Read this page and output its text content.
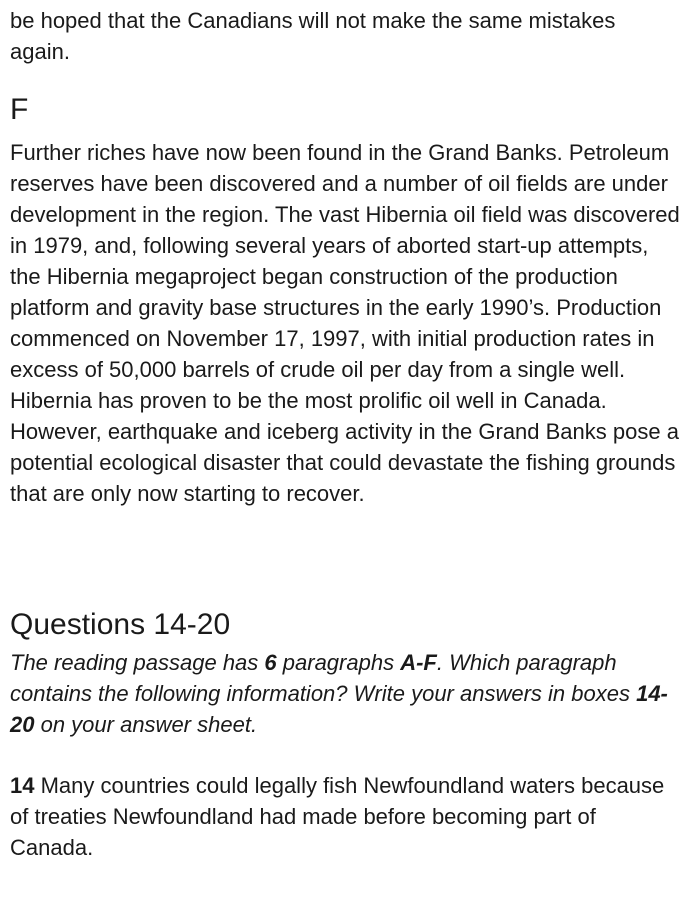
be hoped that the Canadians will not make the same mistakes
again.

F

Further riches have now been found in the Grand Banks. Petroleum reserves have been discovered and a number of oil fields are under development in the region. The vast Hibernia oil field was discovered in 1979, and, following several years of aborted start-up attempts, the Hibernia megaproject began construction of the production platform and gravity base structures in the early 1990’s. Production commenced on November 17, 1997, with initial production rates in excess of 50,000 barrels of crude oil per day from a single well. Hibernia has proven to be the most prolific oil well in Canada. However, earthquake and iceberg activity in the Grand Banks pose a potential ecological disaster that could devastate the fishing grounds that are only now starting to recover.

Questions 14-20

The reading passage has 6 paragraphs A-F. Which paragraph contains the following information? Write your answers in boxes 14-20 on your answer sheet.

14 Many countries could legally fish Newfoundland waters because of treaties Newfoundland had made before becoming part of Canada.
